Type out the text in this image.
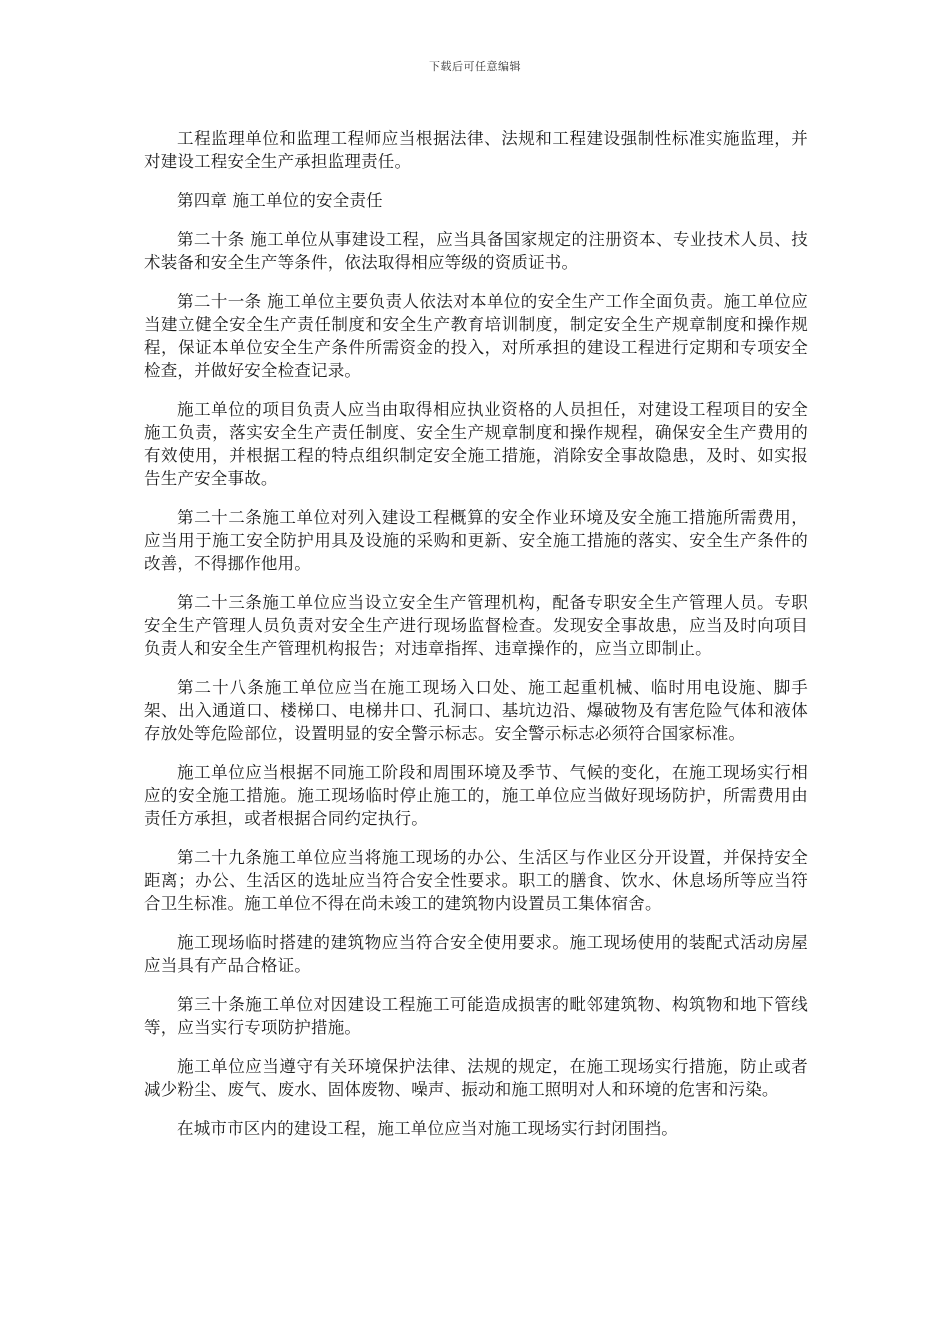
下载后可任意编辑

工程监理单位和监理工程师应当根据法律、法规和工程建设强制性标准实施监理，并对建设工程安全生产承担监理责任。

第四章 施工单位的安全责任

第二十条 施工单位从事建设工程，应当具备国家规定的注册资本、专业技术人员、技术装备和安全生产等条件，依法取得相应等级的资质证书。

第二十一条 施工单位主要负责人依法对本单位的安全生产工作全面负责。施工单位应当建立健全安全生产责任制度和安全生产教育培训制度，制定安全生产规章制度和操作规程，保证本单位安全生产条件所需资金的投入，对所承担的建设工程进行定期和专项安全检查，并做好安全检查记录。

施工单位的项目负责人应当由取得相应执业资格的人员担任，对建设工程项目的安全施工负责，落实安全生产责任制度、安全生产规章制度和操作规程，确保安全生产费用的有效使用，并根据工程的特点组织制定安全施工措施，消除安全事故隐患，及时、如实报告生产安全事故。

第二十二条施工单位对列入建设工程概算的安全作业环境及安全施工措施所需费用，应当用于施工安全防护用具及设施的采购和更新、安全施工措施的落实、安全生产条件的改善，不得挪作他用。

第二十三条施工单位应当设立安全生产管理机构，配备专职安全生产管理人员。专职安全生产管理人员负责对安全生产进行现场监督检查。发现安全事故患，应当及时向项目负责人和安全生产管理机构报告；对违章指挥、违章操作的，应当立即制止。

第二十八条施工单位应当在施工现场入口处、施工起重机械、临时用电设施、脚手架、出入通道口、楼梯口、电梯井口、孔洞口、基坑边沿、爆破物及有害危险气体和液体存放处等危险部位，设置明显的安全警示标志。安全警示标志必须符合国家标准。

施工单位应当根据不同施工阶段和周围环境及季节、气候的变化，在施工现场实行相应的安全施工措施。施工现场临时停止施工的，施工单位应当做好现场防护，所需费用由责任方承担，或者根据合同约定执行。

第二十九条施工单位应当将施工现场的办公、生活区与作业区分开设置，并保持安全距离；办公、生活区的选址应当符合安全性要求。职工的膳食、饮水、休息场所等应当符合卫生标准。施工单位不得在尚未竣工的建筑物内设置员工集体宿舍。

施工现场临时搭建的建筑物应当符合安全使用要求。施工现场使用的装配式活动房屋应当具有产品合格证。

第三十条施工单位对因建设工程施工可能造成损害的毗邻建筑物、构筑物和地下管线等，应当实行专项防护措施。

施工单位应当遵守有关环境保护法律、法规的规定，在施工现场实行措施，防止或者减少粉尘、废气、废水、固体废物、噪声、振动和施工照明对人和环境的危害和污染。

在城市市区内的建设工程，施工单位应当对施工现场实行封闭围挡。
